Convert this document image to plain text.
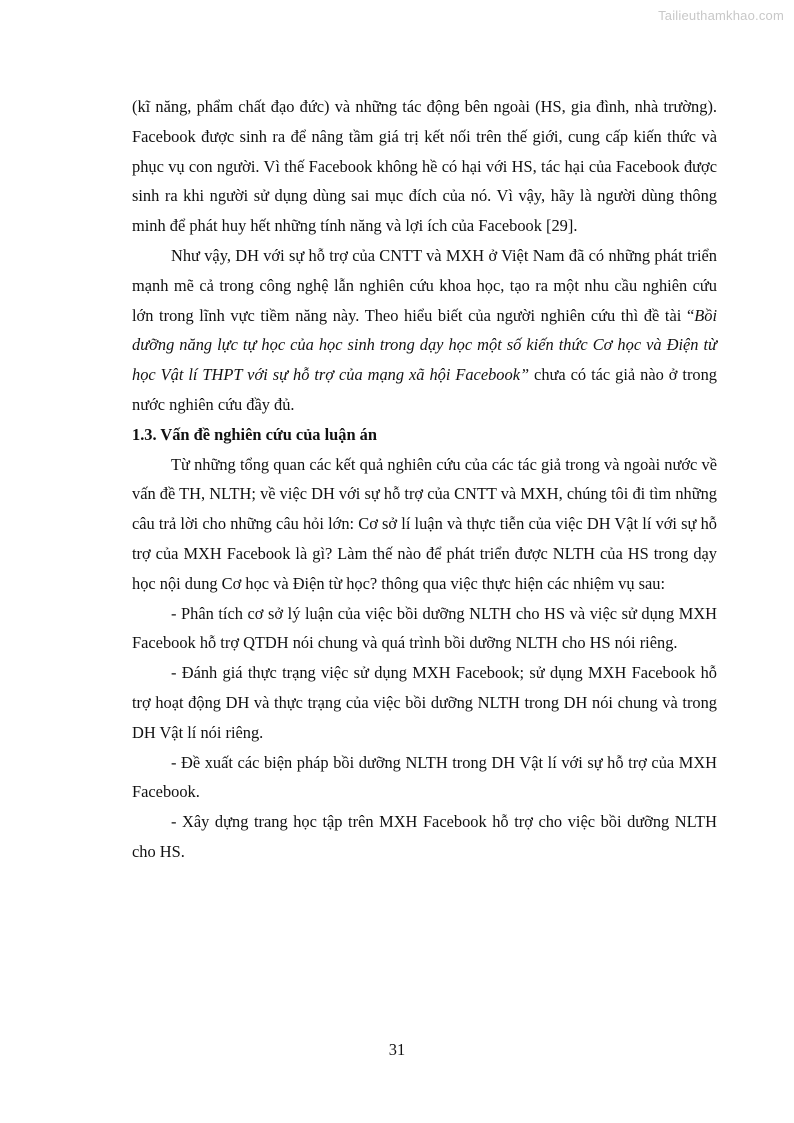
Tailieuthamkhao.com

(kĩ năng, phẩm chất đạo đức) và những tác động bên ngoài (HS, gia đình, nhà trường). Facebook được sinh ra để nâng tầm giá trị kết nối trên thế giới, cung cấp kiến thức và phục vụ con người. Vì thế Facebook không hề có hại với HS, tác hại của Facebook được sinh ra khi người sử dụng dùng sai mục đích của nó. Vì vậy, hãy là người dùng thông minh để phát huy hết những tính năng và lợi ích của Facebook [29].

Như vậy, DH với sự hỗ trợ của CNTT và MXH ở Việt Nam đã có những phát triển mạnh mẽ cả trong công nghệ lẫn nghiên cứu khoa học, tạo ra một nhu cầu nghiên cứu lớn trong lĩnh vực tiềm năng này. Theo hiểu biết của người nghiên cứu thì đề tài “Bồi dưỡng năng lực tự học của học sinh trong dạy học một số kiến thức Cơ học và Điện từ học Vật lí THPT với sự hỗ trợ của mạng xã hội Facebook” chưa có tác giả nào ở trong nước nghiên cứu đầy đủ.

1.3. Vấn đề nghiên cứu của luận án

Từ những tổng quan các kết quả nghiên cứu của các tác giả trong và ngoài nước về vấn đề TH, NLTH; về việc DH với sự hỗ trợ của CNTT và MXH, chúng tôi đi tìm những câu trả lời cho những câu hỏi lớn: Cơ sở lí luận và thực tiễn của việc DH Vật lí với sự hỗ trợ của MXH Facebook là gì? Làm thế nào để phát triển được NLTH của HS trong dạy học nội dung Cơ học và Điện từ học? thông qua việc thực hiện các nhiệm vụ sau:

- Phân tích cơ sở lý luận của việc bồi dưỡng NLTH cho HS và việc sử dụng MXH Facebook hỗ trợ QTDH nói chung và quá trình bồi dưỡng NLTH cho HS nói riêng.

- Đánh giá thực trạng việc sử dụng MXH Facebook; sử dụng MXH Facebook hỗ trợ hoạt động DH và thực trạng của việc bồi dưỡng NLTH trong DH nói chung và trong DH Vật lí nói riêng.

- Đề xuất các biện pháp bồi dưỡng NLTH trong DH Vật lí với sự hỗ trợ của MXH Facebook.

- Xây dựng trang học tập trên MXH Facebook hỗ trợ cho việc bồi dưỡng NLTH cho HS.

31
